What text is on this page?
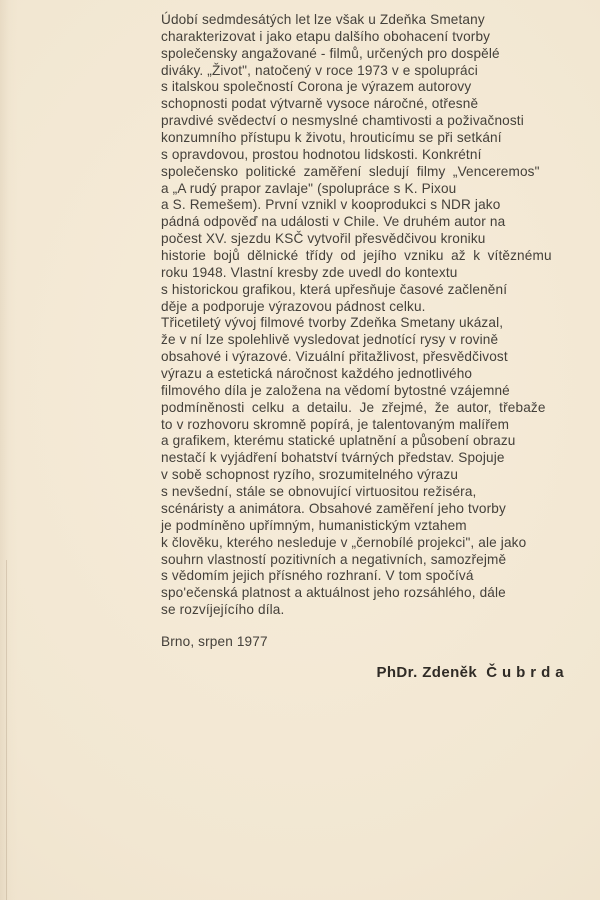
Údobí sedmdesátých let lze však u Zdeňka Smetany
charakterizovat i jako etapu dalšího obohacení tvorby
společensky angažované - filmů, určených pro dospělé
diváky. „Život", natočený v roce 1973 v e spolupráci
s italskou společností Corona je výrazem autorovy
schopnosti podat výtvarně vysoce náročné, otřesně
pravdivé svědectví o nesmyslné chamtivosti a poživačnosti
konzumního přístupu k životu, hrouticímu se při setkání
s opravdovou, prostou hodnotou lidskosti. Konkrétní
společensko politické zaměření sledují filmy „Venceremos"
a „A rudý prapor zavlaje" (spolupráce s K. Pixou
a S. Remešem). První vznikl v kooprodukci s NDR jako
pádná odpověď na události v Chile. Ve druhém autor na
počest XV. sjezdu KSČ vytvořil přesvědčivou kroniku
historie bojů dělnické třídy od jejího vzniku až k vítěznému
roku 1948. Vlastní kresby zde uvedl do kontextu
s historickou grafikou, která upřesňuje časové začlenění
děje a podporuje výrazovou pádnost celku.
Třicetiletý vývoj filmové tvorby Zdeňka Smetany ukázal,
že v ní lze spolehlivě vysledovat jednotící rysy v rovině
obsahové i výrazové. Vizuální přitažlivost, přesvědčivost
výrazu a estetická náročnost každého jednotlivého
filmového díla je založena na vědomí bytostné vzájemné
podmíněnosti celku a detailu. Je zřejmé, že autor, třebaže
to v rozhovoru skromně popírá, je talentovaným malířem
a grafikem, kterému statické uplatnění a působení obrazu
nestačí k vyjádření bohatství tvárných představ. Spojuje
v sobě schopnost ryzího, srozumitelného výrazu
s nevšední, stále se obnovující virtuositou režiséra,
scénáristy a animátora. Obsahové zaměření jeho tvorby
je podmíněno upřímným, humanistickým vztahem
k člověku, kterého nesleduje v „černobílé projekci", ale jako
souhrn vlastností pozitivních a negativních, samozřejmě
s vědomím jejich přísného rozhraní. V tom spočívá
spo'ečenská platnost a aktuálnost jeho rozsáhlého, dále
se rozvíjejícího díla.
Brno, srpen 1977
PhDr. Zdeněk  Č u b r d a
